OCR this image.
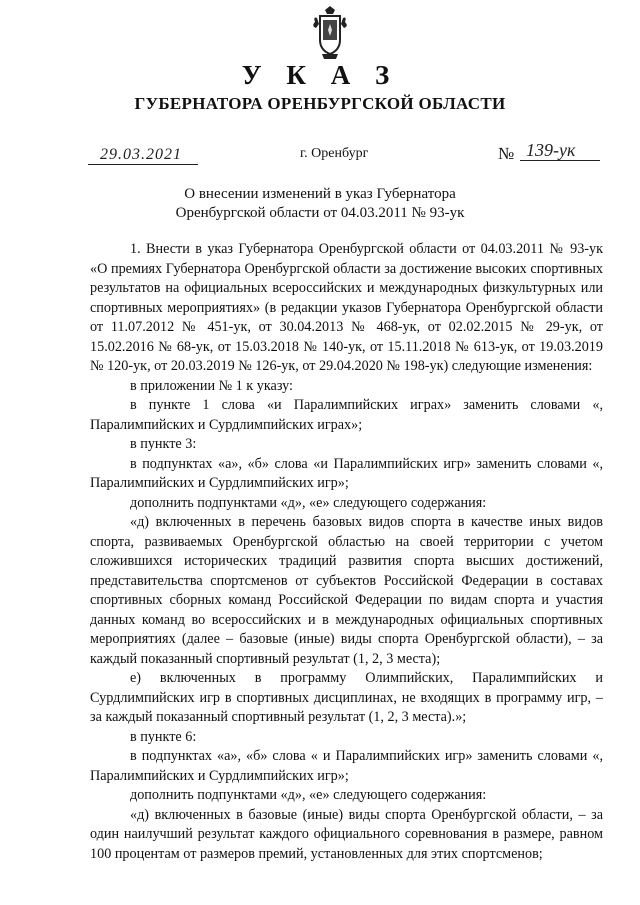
У К А З
ГУБЕРНАТОРА ОРЕНБУРГСКОЙ ОБЛАСТИ
29.03.2021	г. Оренбург	№ 139-ук
О внесении изменений в указ Губернатора
Оренбургской области от 04.03.2011 № 93-ук

1. Внести в указ Губернатора Оренбургской области от 04.03.2011 № 93-ук «О премиях Губернатора Оренбургской области за достижение высоких спортивных результатов на официальных всероссийских и международных физкультурных или спортивных мероприятиях» (в редакции указов Губернатора Оренбургской области от 11.07.2012 № 451-ук, от 30.04.2013 № 468-ук, от 02.02.2015 № 29-ук, от 15.02.2016 № 68-ук, от 15.03.2018 № 140-ук, от 15.11.2018 № 613-ук, от 19.03.2019 № 120-ук, от 20.03.2019 № 126-ук, от 29.04.2020 № 198-ук) следующие изменения:

в приложении № 1 к указу:

в пункте 1 слова «и Паралимпийских играх» заменить словами «, Паралимпийских и Сурдлимпийских играх»;

в пункте 3:

в подпунктах «а», «б» слова «и Паралимпийских игр» заменить словами «, Паралимпийских и Сурдлимпийских игр»;

дополнить подпунктами «д», «е» следующего содержания:

«д) включенных в перечень базовых видов спорта в качестве иных видов спорта, развиваемых Оренбургской областью на своей территории с учетом сложившихся исторических традиций развития спорта высших достижений, представительства спортсменов от субъектов Российской Федерации в составах спортивных сборных команд Российской Федерации по видам спорта и участия данных команд во всероссийских и в международных официальных спортивных мероприятиях (далее – базовые (иные) виды спорта Оренбургской области), – за каждый показанный спортивный результат (1, 2, 3 места);

е) включенных в программу Олимпийских, Паралимпийских и Сурдлимпийских игр в спортивных дисциплинах, не входящих в программу игр, – за каждый показанный спортивный результат (1, 2, 3 места).»;

в пункте 6:

в подпунктах «а», «б» слова « и Паралимпийских игр» заменить словами «, Паралимпийских и Сурдлимпийских игр»;

дополнить подпунктами «д», «е» следующего содержания:

«д) включенных в базовые (иные) виды спорта Оренбургской области, – за один наилучший результат каждого официального соревнования в размере, равном 100 процентам от размеров премий, установленных для этих спортсменов;
